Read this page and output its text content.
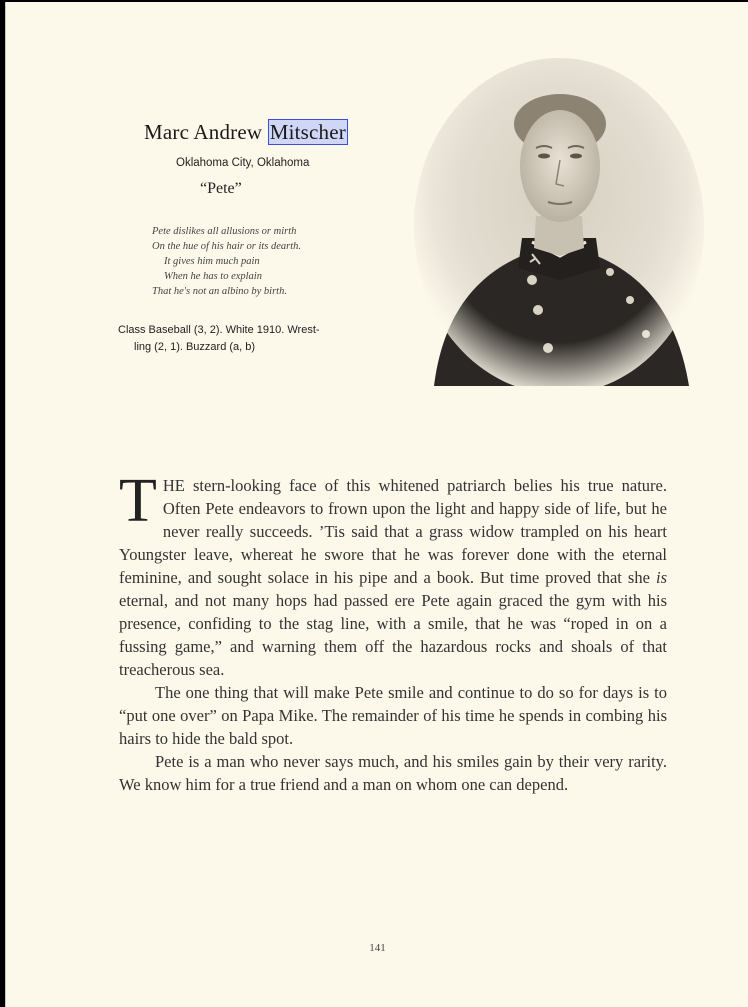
Marc Andrew Mitscher
Oklahoma City, Oklahoma
“Pete”
Pete dislikes all allusions or mirth
On the hue of his hair or its dearth.
It gives him much pain
When he has to explain
That he's not an albino by birth.
Class Baseball (3, 2). White 1910. Wrest-
ling (2, 1). Buzzard (a, b)

THE stern-looking face of this whitened patriarch belies his true nature. Often Pete endeavors to frown upon the light and happy side of life, but he never really succeeds. ’Tis said that a grass widow trampled on his heart Youngster leave, whereat he swore that he was forever done with the eternal feminine, and sought solace in his pipe and a book. But time proved that she is eternal, and not many hops had passed ere Pete again graced the gym with his presence, confiding to the stag line, with a smile, that he was “roped in on a fussing game,” and warning them off the hazardous rocks and shoals of that treacherous sea.

The one thing that will make Pete smile and continue to do so for days is to “put one over” on Papa Mike. The remainder of his time he spends in combing his hairs to hide the bald spot.

Pete is a man who never says much, and his smiles gain by their very rarity. We know him for a true friend and a man on whom one can depend.

141
